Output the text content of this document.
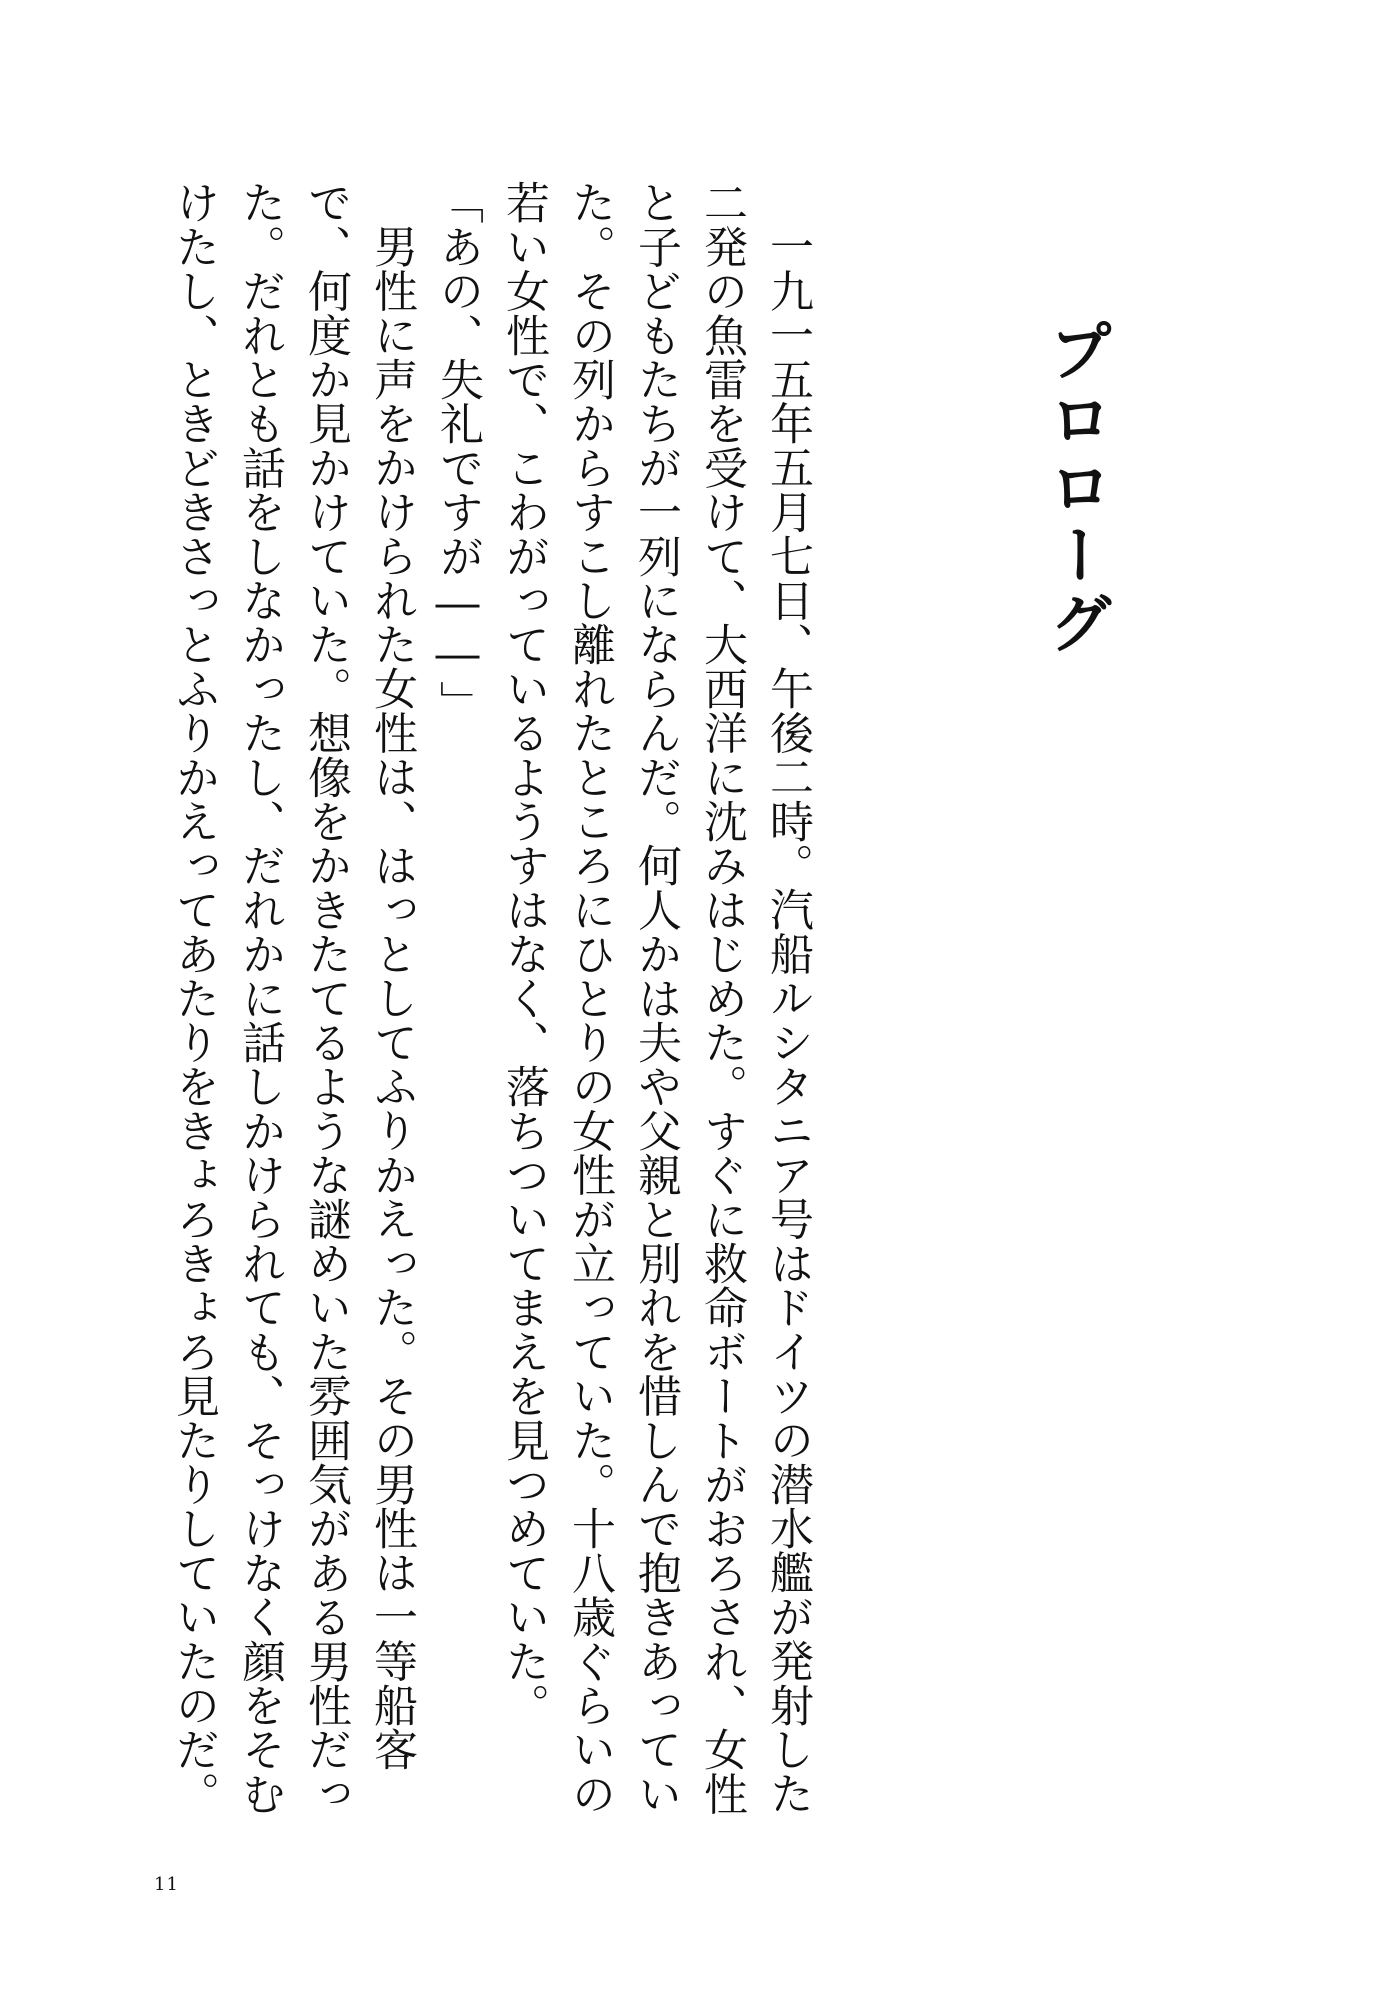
プロローグ

一九一五年五月七日、午後二時。汽船ルシタニア号はドイツの潜水艦が発射した二発の魚雷を受けて、大西洋に沈みはじめた。すぐに救命ボートがおろされ、女性と子どもたちが一列にならんだ。何人かは夫や父親と別れを惜しんで抱きあっていた。その列からすこし離れたところにひとりの女性が立っていた。十八歳ぐらいの若い女性で、こわがっているようすはなく、落ちついてまえを見つめていた。

「あの、失礼ですが――」

男性に声をかけられた女性は、はっとしてふりかえった。その男性は一等船客で、何度か見かけていた。想像をかきたてるような謎めいた雰囲気がある男性だった。だれとも話をしなかったし、だれかに話しかけられても、そっけなく顔をそむけたし、ときどきさっとふりかえってあたりをきょろきょろ見たりしていたのだ。

11
